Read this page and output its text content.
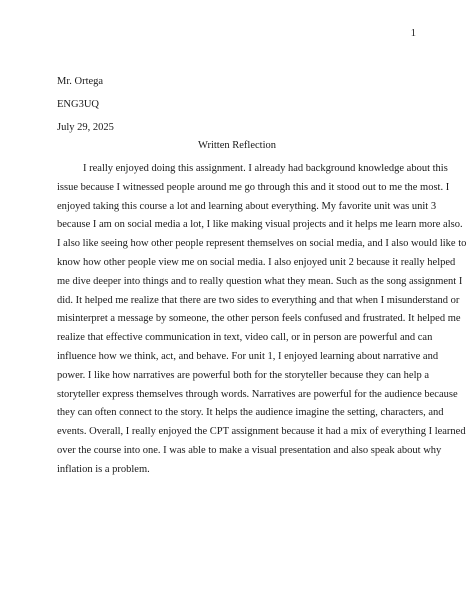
1
Mr. Ortega
ENG3UQ
July 29, 2025
Written Reflection
I really enjoyed doing this assignment. I already had background knowledge about this
issue because I witnessed people around me go through this and it stood out to me the most. I
enjoyed taking this course a lot and learning about everything. My favorite unit was unit 3
because I am on social media a lot, I like making visual projects and it helps me learn more also.
I also like seeing how other people represent themselves on social media, and I also would like to
know how other people view me on social media. I also enjoyed unit 2 because it really helped
me dive deeper into things and to really question what they mean. Such as the song assignment I
did. It helped me realize that there are two sides to everything and that when I misunderstand or
misinterpret a message by someone, the other person feels confused and frustrated. It helped me
realize that effective communication in text, video call, or in person are powerful and can
influence how we think, act, and behave. For unit 1, I enjoyed learning about narrative and
power. I like how narratives are powerful both for the storyteller because they can help a
storyteller express themselves through words. Narratives are powerful for the audience because
they can often connect to the story. It helps the audience imagine the setting, characters, and
events. Overall, I really enjoyed the CPT assignment because it had a mix of everything I learned
over the course into one. I was able to make a visual presentation and also speak about why
inflation is a problem.
